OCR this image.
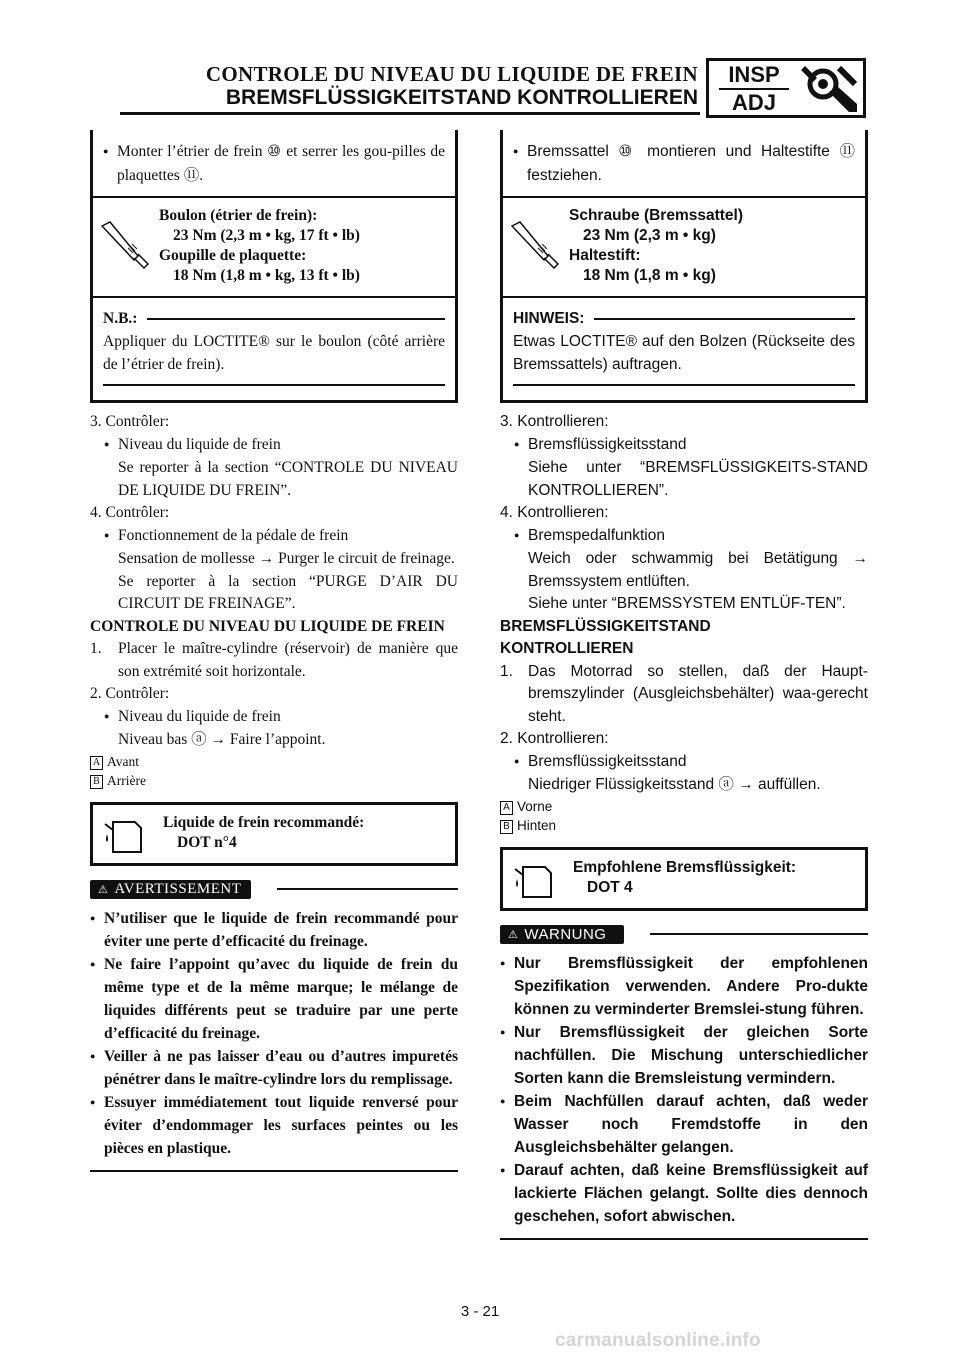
CONTROLE DU NIVEAU DU LIQUIDE DE FREIN
BREMSFLÜSSIGKEITSTAND KONTROLLIEREN
INSP
ADJ
●
Monter l’étrier de frein ⑩ et serrer les gou-pilles de plaquettes ⑪.
Boulon (étrier de frein):
23 Nm (2,3 m • kg, 17 ft • lb)
Goupille de plaquette:
18 Nm (1,8 m • kg, 13 ft • lb)
N.B.:
Appliquer du LOCTITE® sur le boulon (côté arrière de l’étrier de frein).
3. Contrôler:
●
Niveau du liquide de frein
Se reporter à la section “CONTROLE DU NIVEAU DE LIQUIDE DU FREIN”.
4. Contrôler:
●
Fonctionnement de la pédale de frein
Sensation de mollesse → Purger le circuit de freinage.
Se reporter à la section “PURGE D’AIR DU CIRCUIT DE FREINAGE”.
CONTROLE DU NIVEAU DU LIQUIDE DE FREIN
1.	Placer le maître-cylindre (réservoir) de manière que son extrémité soit horizontale.
2. Contrôler:
●
Niveau du liquide de frein
Niveau bas ⓐ → Faire l’appoint.
A Avant
B Arrière
Liquide de frein recommandé:
DOT n°4
⚠ AVERTISSEMENT
●
N’utiliser que le liquide de frein recommandé pour éviter une perte d’efficacité du freinage.
●
Ne faire l’appoint qu’avec du liquide de frein du même type et de la même marque; le mélange de liquides différents peut se traduire par une perte d’efficacité du freinage.
●
Veiller à ne pas laisser d’eau ou d’autres impuretés pénétrer dans le maître-cylindre lors du remplissage.
●
Essuyer immédiatement tout liquide renversé pour éviter d’endommager les surfaces peintes ou les pièces en plastique.
●
Bremssattel ⑩ montieren und Haltestifte ⑪ festziehen.
Schraube (Bremssattel)
23 Nm (2,3 m • kg)
Haltestift:
18 Nm (1,8 m • kg)
HINWEIS:
Etwas LOCTITE® auf den Bolzen (Rückseite des Bremssattels) auftragen.
3. Kontrollieren:
●
Bremsflüssigkeitsstand
Siehe unter “BREMSFLÜSSIGKEITS-STAND KONTROLLIEREN”.
4. Kontrollieren:
●
Bremspedalfunktion
Weich oder schwammig bei Betätigung → Bremssystem entlüften.
Siehe unter “BREMSSYSTEM ENTLÜF-TEN”.
BREMSFLÜSSIGKEITSTAND KONTROLLIEREN
1. Das Motorrad so stellen, daß der Haupt-bremszylinder (Ausgleichsbehälter) waa-gerecht steht.
2. Kontrollieren:
●
Bremsflüssigkeitsstand
Niedriger Flüssigkeitsstand ⓐ → auffüllen.
A Vorne
B Hinten
Empfohlene Bremsflüssigkeit:
DOT 4
⚠ WARNUNG
●
Nur Bremsflüssigkeit der empfohlenen Spezifikation verwenden. Andere Pro-dukte können zu verminderter Bremslei-stung führen.
●
Nur Bremsflüssigkeit der gleichen Sorte nachfüllen. Die Mischung unterschiedlicher Sorten kann die Bremsleistung vermindern.
●
Beim Nachfüllen darauf achten, daß weder Wasser noch Fremdstoffe in den Ausgleichsbehälter gelangen.
●
Darauf achten, daß keine Bremsflüssigkeit auf lackierte Flächen gelangt. Sollte dies dennoch geschehen, sofort abwischen.
3 - 21
carmanualsonline.info
